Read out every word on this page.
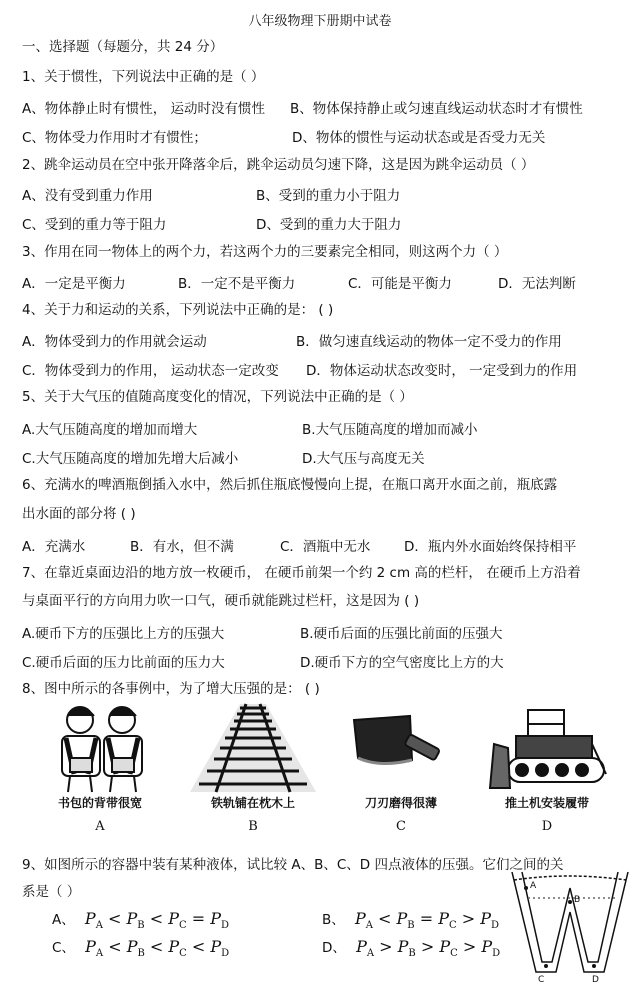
八年级物理下册期中试卷
一、选择题（每题分，共 24 分）
1、关于惯性，下列说法中正确的是（ ）
A、物体静止时有惯性， 运动时没有惯性 B、物体保持静止或匀速直线运动状态时才有惯性
C、物体受力作用时才有惯性；	D、物体的惯性与运动状态或是否受力无关
2、跳伞运动员在空中张开降落伞后，跳伞运动员匀速下降，这是因为跳伞运动员（ ）
A、没有受到重力作用	B、受到的重力小于阻力
C、受到的重力等于阻力	D、受到的重力大于阻力
3、作用在同一物体上的两个力，若这两个力的三要素完全相同，则这两个力（ ）
A．一定是平衡力	B．一定不是平衡力	C．可能是平衡力	D．无法判断
4、关于力和运动的关系，下列说法中正确的是： ( )
A．物体受到力的作用就会运动	B．做匀速直线运动的物体一定不受力的作用
C．物体受到力的作用， 运动状态一定改变 D．物体运动状态改变时， 一定受到力的作用
5、关于大气压的值随高度变化的情况，下列说法中正确的是（ ）
A.大气压随高度的增加而增大	B.大气压随高度的增加而减小
C.大气压随高度的增加先增大后减小	D.大气压与高度无关
6、充满水的啤酒瓶倒插入水中，然后抓住瓶底慢慢向上提，在瓶口离开水面之前，瓶底露
出水面的部分将 ( )
A．充满水	B．有水，但不满	C．酒瓶中无水 D．瓶内外水面始终保持相平
7、在靠近桌面边沿的地方放一枚硬币， 在硬币前架一个约 2 cm 高的栏杆， 在硬币上方沿着
与桌面平行的方向用力吹一口气，硬币就能跳过栏杆，这是因为 ( )
A.硬币下方的压强比上方的压强大	B.硬币后面的压强比前面的压强大
C.硬币后面的压力比前面的压力大	D.硬币下方的空气密度比上方的大
8、图中所示的各事例中，为了增大压强的是： ( )
书包的背带很宽
A
铁轨铺在枕木上
B
刀刃磨得很薄
C
推土机安装履带
D
9、如图所示的容器中装有某种液体，试比较 A、B、C、D 四点液体的压强。它们之间的关
系是（ ）
A、 $P_A < P_B < P_C = P_D$	B、 $P_A < P_B = P_C > P_D$
C、 $P_A < P_B < P_C < P_D$	D、 $P_A > P_B > P_C > P_D$
A
B
C	D
